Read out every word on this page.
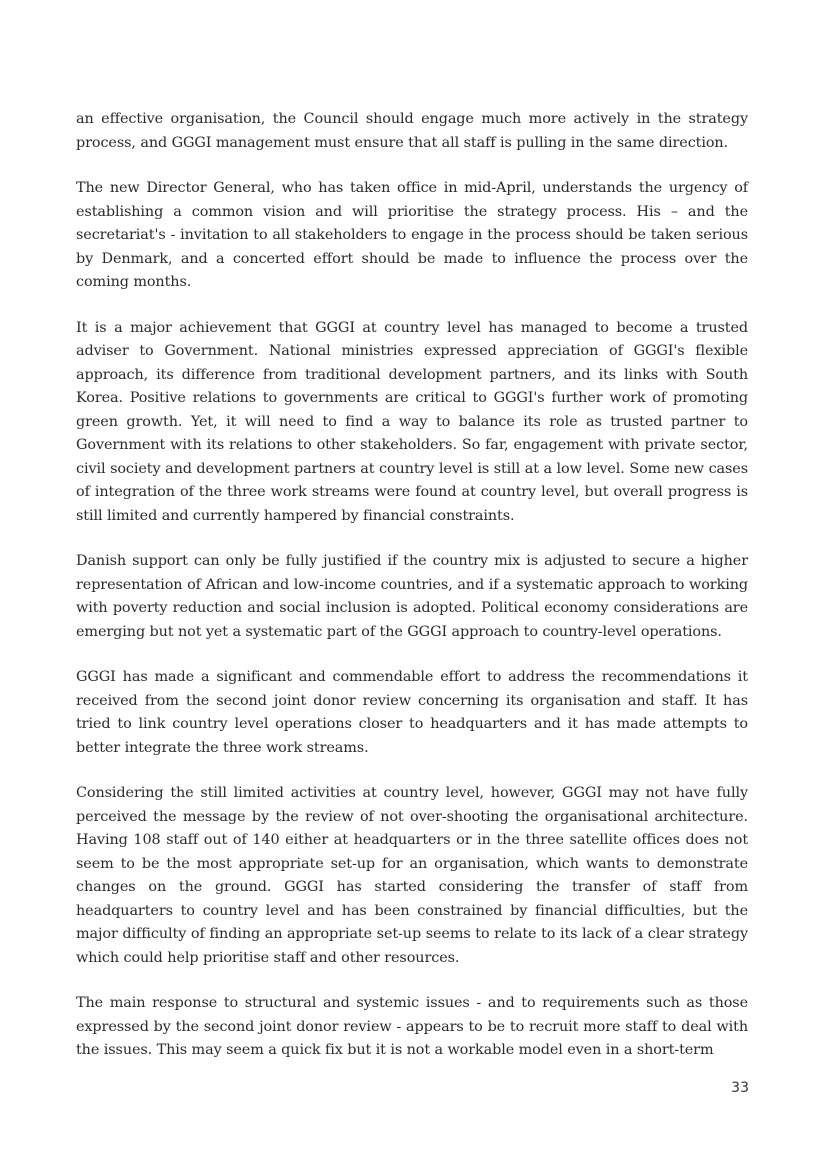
an effective organisation, the Council should engage much more actively in the strategy process, and GGGI management must ensure that all staff is pulling in the same direction.

The new Director General, who has taken office in mid-April, understands the urgency of establishing a common vision and will prioritise the strategy process. His – and the secretariat's - invitation to all stakeholders to engage in the process should be taken serious by Denmark, and a concerted effort should be made to influence the process over the coming months.

It is a major achievement that GGGI at country level has managed to become a trusted adviser to Government. National ministries expressed appreciation of GGGI's flexible approach, its difference from traditional development partners, and its links with South Korea. Positive relations to governments are critical to GGGI's further work of promoting green growth. Yet, it will need to find a way to balance its role as trusted partner to Government with its relations to other stakeholders. So far, engagement with private sector, civil society and development partners at country level is still at a low level. Some new cases of integration of the three work streams were found at country level, but overall progress is still limited and currently hampered by financial constraints.

Danish support can only be fully justified if the country mix is adjusted to secure a higher representation of African and low-income countries, and if a systematic approach to working with poverty reduction and social inclusion is adopted. Political economy considerations are emerging but not yet a systematic part of the GGGI approach to country-level operations.

GGGI has made a significant and commendable effort to address the recommendations it received from the second joint donor review concerning its organisation and staff. It has tried to link country level operations closer to headquarters and it has made attempts to better integrate the three work streams.

Considering the still limited activities at country level, however, GGGI may not have fully perceived the message by the review of not over-shooting the organisational architecture. Having 108 staff out of 140 either at headquarters or in the three satellite offices does not seem to be the most appropriate set-up for an organisation, which wants to demonstrate changes on the ground. GGGI has started considering the transfer of staff from headquarters to country level and has been constrained by financial difficulties, but the major difficulty of finding an appropriate set-up seems to relate to its lack of a clear strategy which could help prioritise staff and other resources.

The main response to structural and systemic issues - and to requirements such as those expressed by the second joint donor review - appears to be to recruit more staff to deal with the issues. This may seem a quick fix but it is not a workable model even in a short-term

33
